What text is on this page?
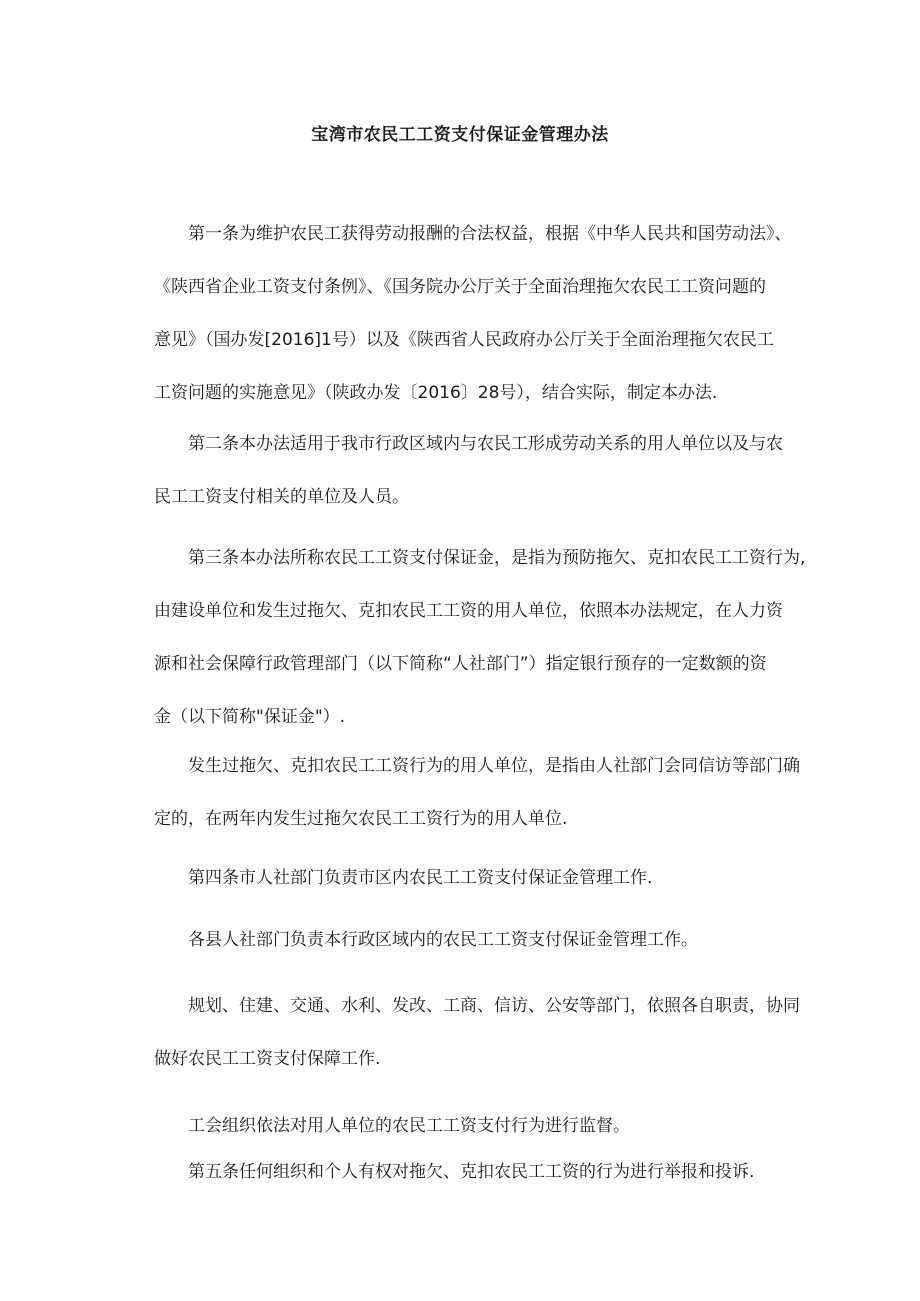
宝湾市农民工工资支付保证金管理办法

第一条为维护农民工获得劳动报酬的合法权益，根据《中华人民共和国劳动法》、
《陕西省企业工资支付条例》、《国务院办公厅关于全面治理拖欠农民工工资问题的
意见》（国办发[2016]1号）以及《陕西省人民政府办公厅关于全面治理拖欠农民工
工资问题的实施意见》（陕政办发〔2016〕28号），结合实际，制定本办法.

第二条本办法适用于我市行政区域内与农民工形成劳动关系的用人单位以及与农
民工工资支付相关的单位及人员。

第三条本办法所称农民工工资支付保证金，是指为预防拖欠、克扣农民工工资行为,
由建设单位和发生过拖欠、克扣农民工工资的用人单位，依照本办法规定，在人力资
源和社会保障行政管理部门（以下简称“人社部门”）指定银行预存的一定数额的资
金（以下简称"保证金"）.

发生过拖欠、克扣农民工工资行为的用人单位，是指由人社部门会同信访等部门确
定的，在两年内发生过拖欠农民工工资行为的用人单位.

第四条市人社部门负责市区内农民工工资支付保证金管理工作.

各县人社部门负责本行政区域内的农民工工资支付保证金管理工作。

规划、住建、交通、水利、发改、工商、信访、公安等部门，依照各自职责，协同
做好农民工工资支付保障工作.

工会组织依法对用人单位的农民工工资支付行为进行监督。

第五条任何组织和个人有权对拖欠、克扣农民工工资的行为进行举报和投诉.
